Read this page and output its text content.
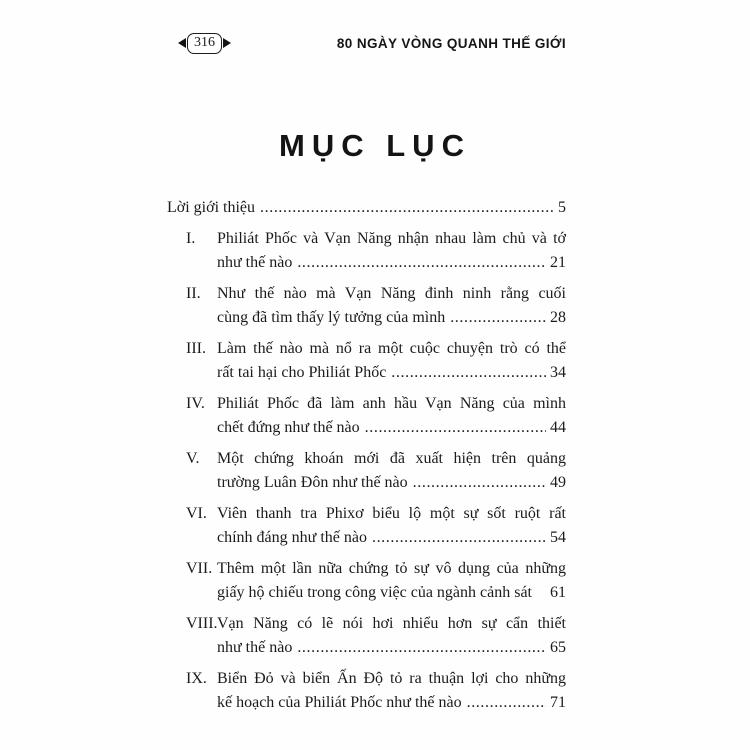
316	80 NGÀY VÒNG QUANH THẾ GIỚI
MỤC LỤC
Lời giới thiệu .....	5
I.	Philiát Phốc và Vạn Năng nhận nhau làm chủ và tớ
như thế nào .....	21
II.	Như thế nào mà Vạn Năng đinh ninh rằng cuối
cùng đã tìm thấy lý tưởng của mình .....	28
III. Làm thế nào mà nổ ra một cuộc chuyện trò có thể
rất tai hại cho Philiát Phốc .....	34
IV. Philiát Phốc đã làm anh hầu Vạn Năng của mình
chết đứng như thế nào .....	44
V.	Một chứng khoán mới đã xuất hiện trên quảng
trường Luân Đôn như thế nào .....	49
VI. Viên thanh tra Phixơ biểu lộ một sự sốt ruột rất
chính đáng như thế nào .....	54
VII. Thêm một lần nữa chứng tỏ sự vô dụng của những
giấy hộ chiếu trong công việc của ngành cảnh sát 61
VIII. Vạn Năng có lẽ nói hơi nhiểu hơn sự cẩn thiết
như thế nào .....	65
IX. Biển Đỏ và biển Ấn Độ tỏ ra thuận lợi cho những
kế hoạch của Philiát Phốc như thế nào .....	71
